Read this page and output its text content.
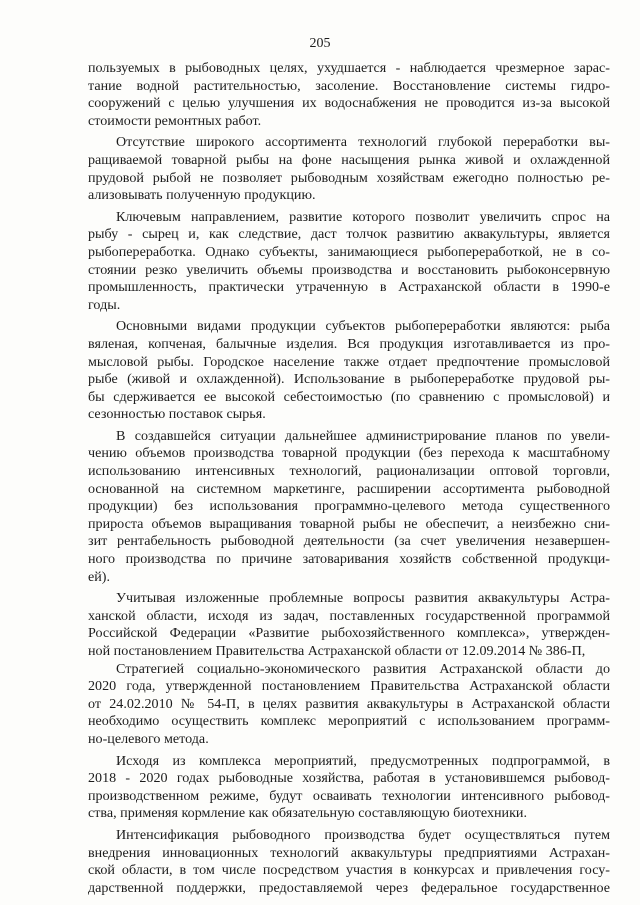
205
пользуемых в рыбоводных целях, ухудшается - наблюдается чрезмерное зарас-
тание водной растительностью, засоление. Восстановление системы гидро-
сооружений с целью улучшения их водоснабжения не проводится из-за высокой
стоимости ремонтных работ.
Отсутствие широкого ассортимента технологий глубокой переработки вы-
ращиваемой товарной рыбы на фоне насыщения рынка живой и охлажденной
прудовой рыбой не позволяет рыбоводным хозяйствам ежегодно полностью ре-
ализовывать полученную продукцию.
Ключевым направлением, развитие которого позволит увеличить спрос на
рыбу - сырец и, как следствие, даст толчок развитию аквакультуры, является
рыбопереработка. Однако субъекты, занимающиеся рыбопереработкой, не в со-
стоянии резко увеличить объемы производства и восстановить рыбоконсервную
промышленность, практически утраченную в Астраханской области в 1990-е
годы.
Основными видами продукции субъектов рыбопереработки являются: рыба
вяленая, копченая, балычные изделия. Вся продукция изготавливается из про-
мысловой рыбы. Городское население также отдает предпочтение промысловой
рыбе (живой и охлажденной). Использование в рыбопереработке прудовой ры-
бы сдерживается ее высокой себестоимостью (по сравнению с промысловой) и
сезонностью поставок сырья.
В создавшейся ситуации дальнейшее администрирование планов по увели-
чению объемов производства товарной продукции (без перехода к масштабному
использованию интенсивных технологий, рационализации оптовой торговли,
основанной на системном маркетинге, расширении ассортимента рыбоводной
продукции) без использования программно-целевого метода существенного
прироста объемов выращивания товарной рыбы не обеспечит, а неизбежно сни-
зит рентабельность рыбоводной деятельности (за счет увеличения незавершен-
ного производства по причине затоваривания хозяйств собственной продукци-
ей).
Учитывая изложенные проблемные вопросы развития аквакультуры Астра-
ханской области, исходя из задач, поставленных государственной программой
Российской Федерации «Развитие рыбохозяйственного комплекса», утвержден-
ной постановлением Правительства Астраханской области от 12.09.2014 № 386-П,
Стратегией социально-экономического развития Астраханской области до
2020 года, утвержденной постановлением Правительства Астраханской области
от 24.02.2010 № 54-П, в целях развития аквакультуры в Астраханской области
необходимо осуществить комплекс мероприятий с использованием программ-
но-целевого метода.
Исходя из комплекса мероприятий, предусмотренных подпрограммой, в
2018 - 2020 годах рыбоводные хозяйства, работая в установившемся рыбовод-
производственном режиме, будут осваивать технологии интенсивного рыбовод-
ства, применяя кормление как обязательную составляющую биотехники.
Интенсификация рыбоводного производства будет осуществляться путем
внедрения инновационных технологий аквакультуры предприятиями Астрахан-
ской области, в том числе посредством участия в конкурсах и привлечения госу-
дарственной поддержки, предоставляемой через федеральное государственное
